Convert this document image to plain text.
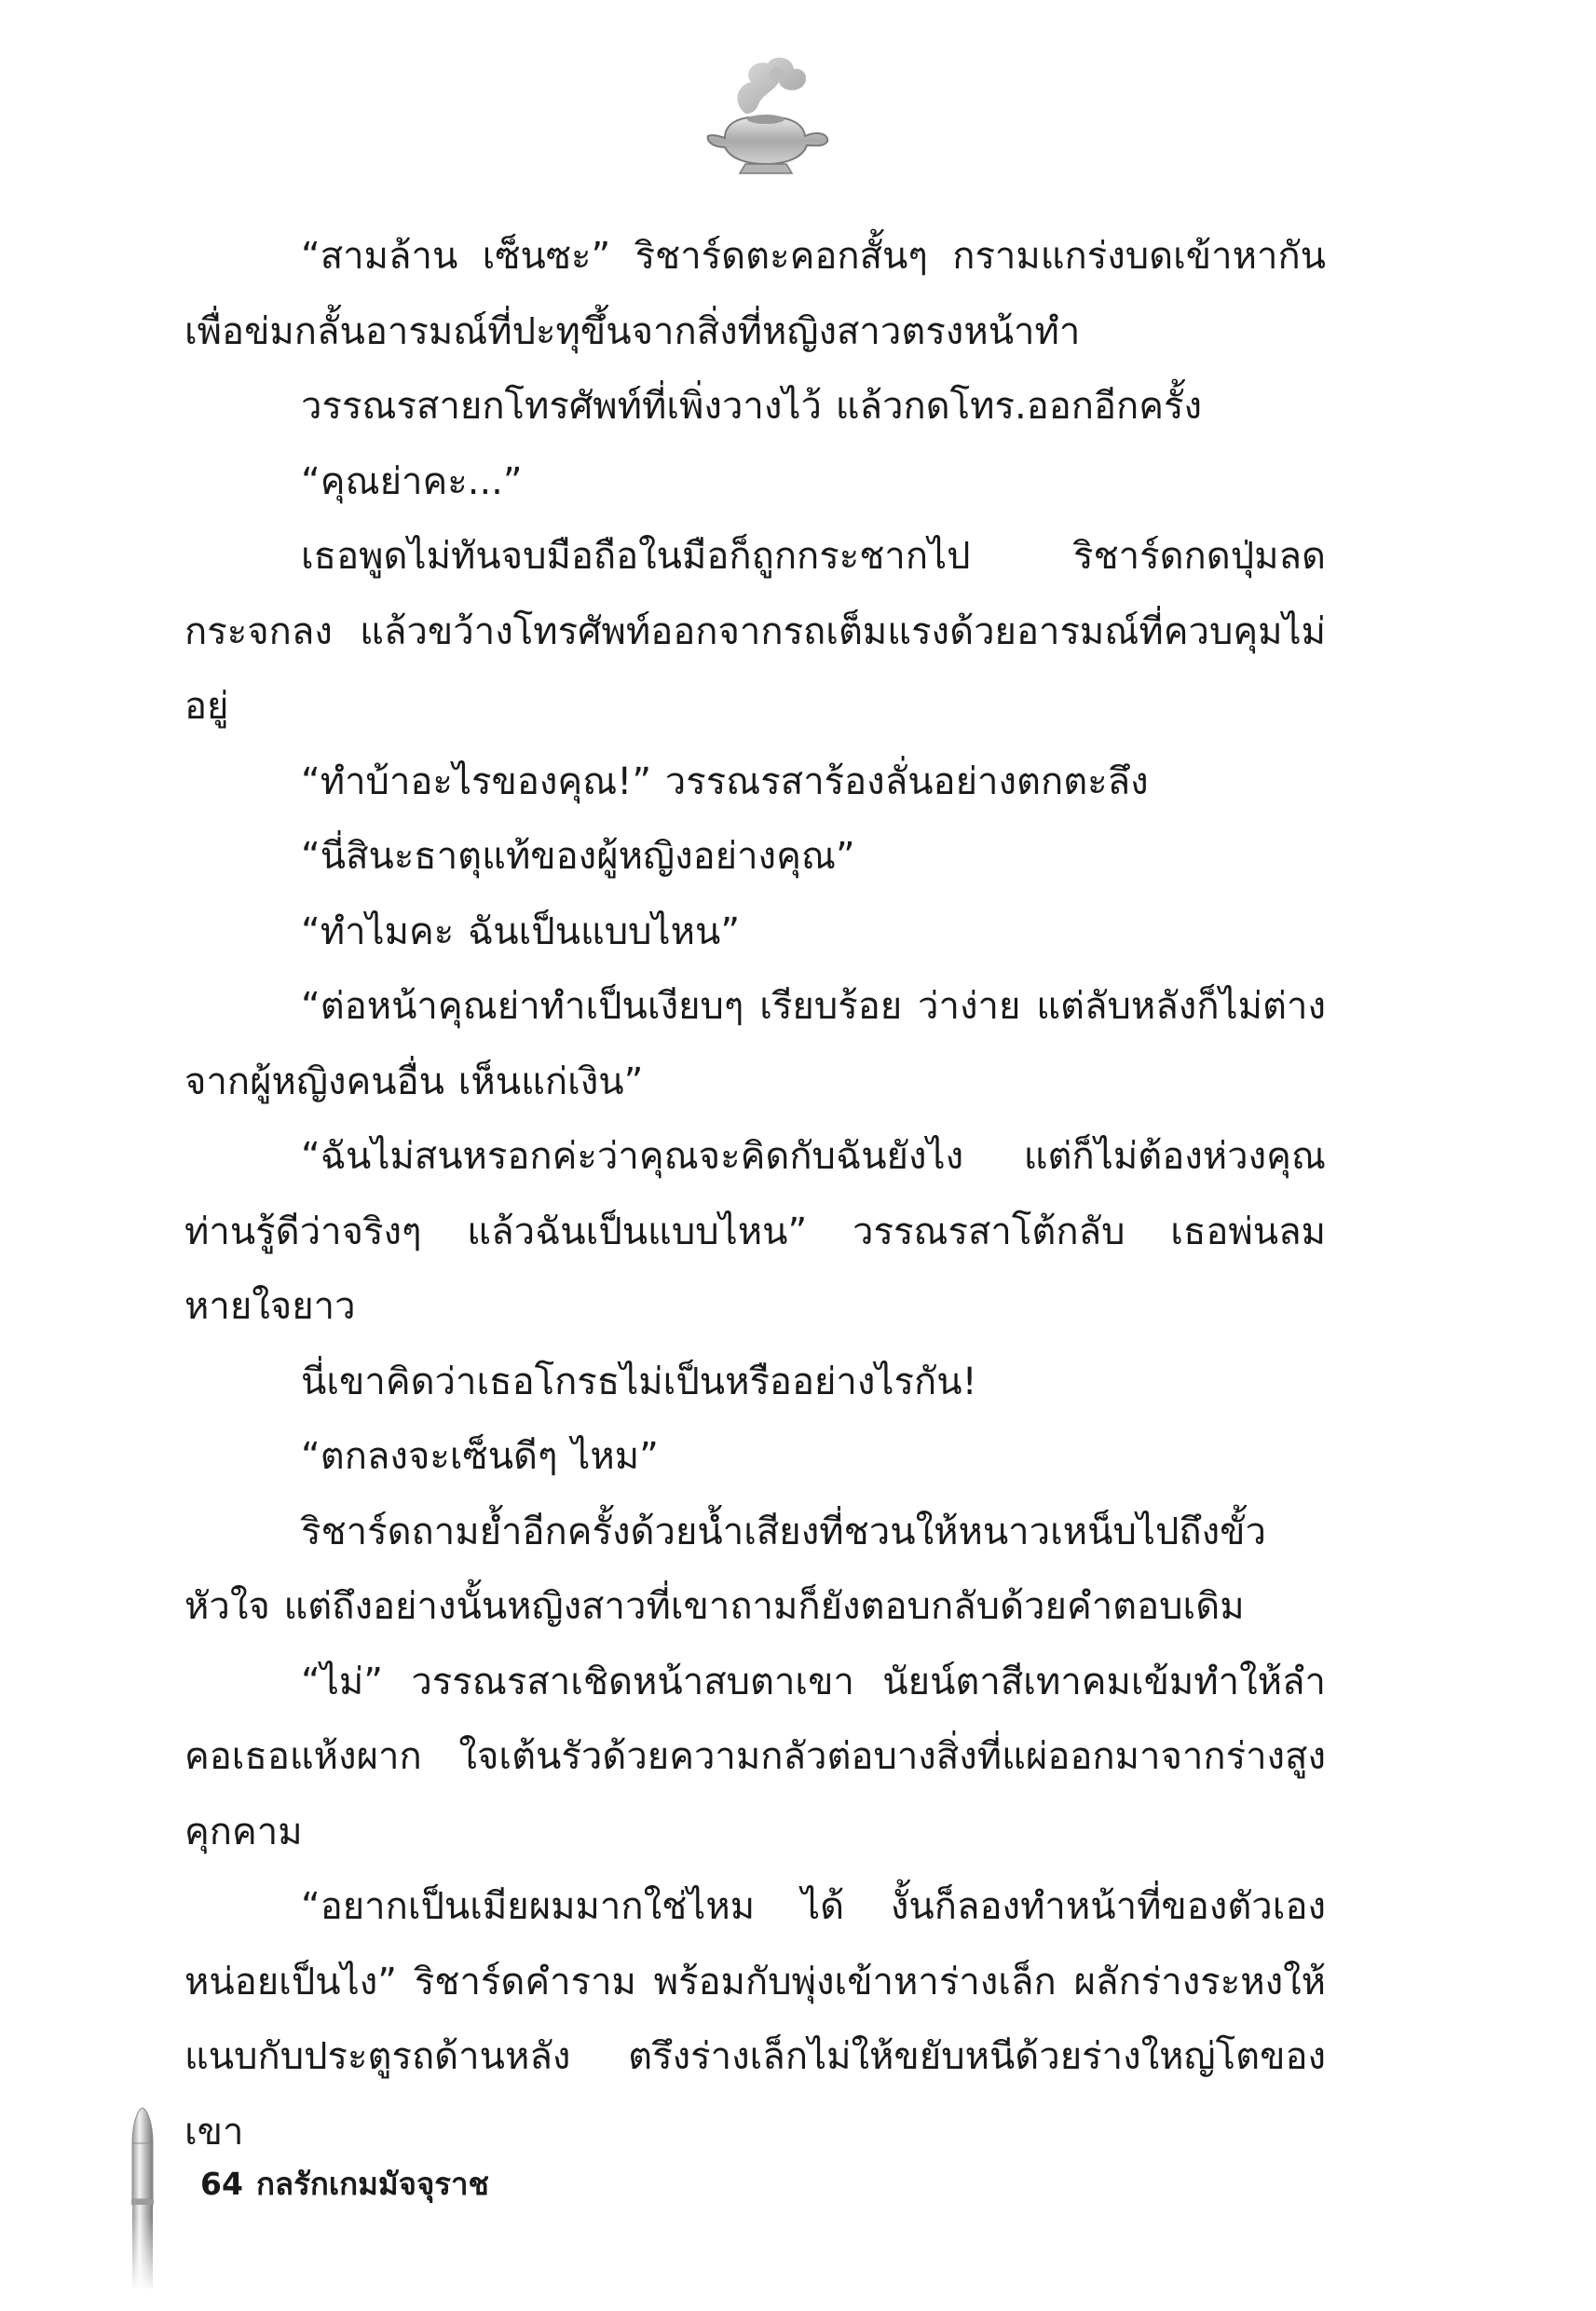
“สามล้าน เซ็นซะ” ริชาร์ดตะคอกสั้นๆ กรามแกร่งบดเข้าหากัน เพื่อข่มกลั้นอารมณ์ที่ปะทุขึ้นจากสิ่งที่หญิงสาวตรงหน้าทำ

วรรณรสายกโทรศัพท์ที่เพิ่งวางไว้ แล้วกดโทร.ออกอีกครั้ง

“คุณย่าคะ...”

เธอพูดไม่ทันจบมือถือในมือก็ถูกกระชากไป ริชาร์ดกดปุ่มลดกระจกลง แล้วขว้างโทรศัพท์ออกจากรถเต็มแรงด้วยอารมณ์ที่ควบคุมไม่อยู่

“ทำบ้าอะไรของคุณ!” วรรณรสาร้องลั่นอย่างตกตะลึง

“นี่สินะธาตุแท้ของผู้หญิงอย่างคุณ”

“ทำไมคะ ฉันเป็นแบบไหน”

“ต่อหน้าคุณย่าทำเป็นเงียบๆ เรียบร้อย ว่าง่าย แต่ลับหลังก็ไม่ต่างจากผู้หญิงคนอื่น เห็นแก่เงิน”

“ฉันไม่สนหรอกค่ะว่าคุณจะคิดกับฉันยังไง แต่ก็ไม่ต้องห่วงคุณท่านรู้ดีว่าจริงๆ แล้วฉันเป็นแบบไหน” วรรณรสาโต้กลับ เธอพ่นลมหายใจยาว

นี่เขาคิดว่าเธอโกรธไม่เป็นหรืออย่างไรกัน!

“ตกลงจะเซ็นดีๆ ไหม”

ริชาร์ดถามย้ำอีกครั้งด้วยน้ำเสียงที่ชวนให้หนาวเหน็บไปถึงขั้วหัวใจ แต่ถึงอย่างนั้นหญิงสาวที่เขาถามก็ยังตอบกลับด้วยคำตอบเดิม

“ไม่” วรรณรสาเชิดหน้าสบตาเขา นัยน์ตาสีเทาคมเข้มทำให้ลำคอเธอแห้งผาก ใจเต้นรัวด้วยความกลัวต่อบางสิ่งที่แผ่ออกมาจากร่างสูงคุกคาม

“อยากเป็นเมียผมมากใช่ไหม ได้ งั้นก็ลองทำหน้าที่ของตัวเองหน่อยเป็นไง” ริชาร์ดคำราม พร้อมกับพุ่งเข้าหาร่างเล็ก ผลักร่างระหงให้แนบกับประตูรถด้านหลัง ตรึงร่างเล็กไม่ให้ขยับหนีด้วยร่างใหญ่โตของเขา

64 กลรักเกมมัจจุราช
